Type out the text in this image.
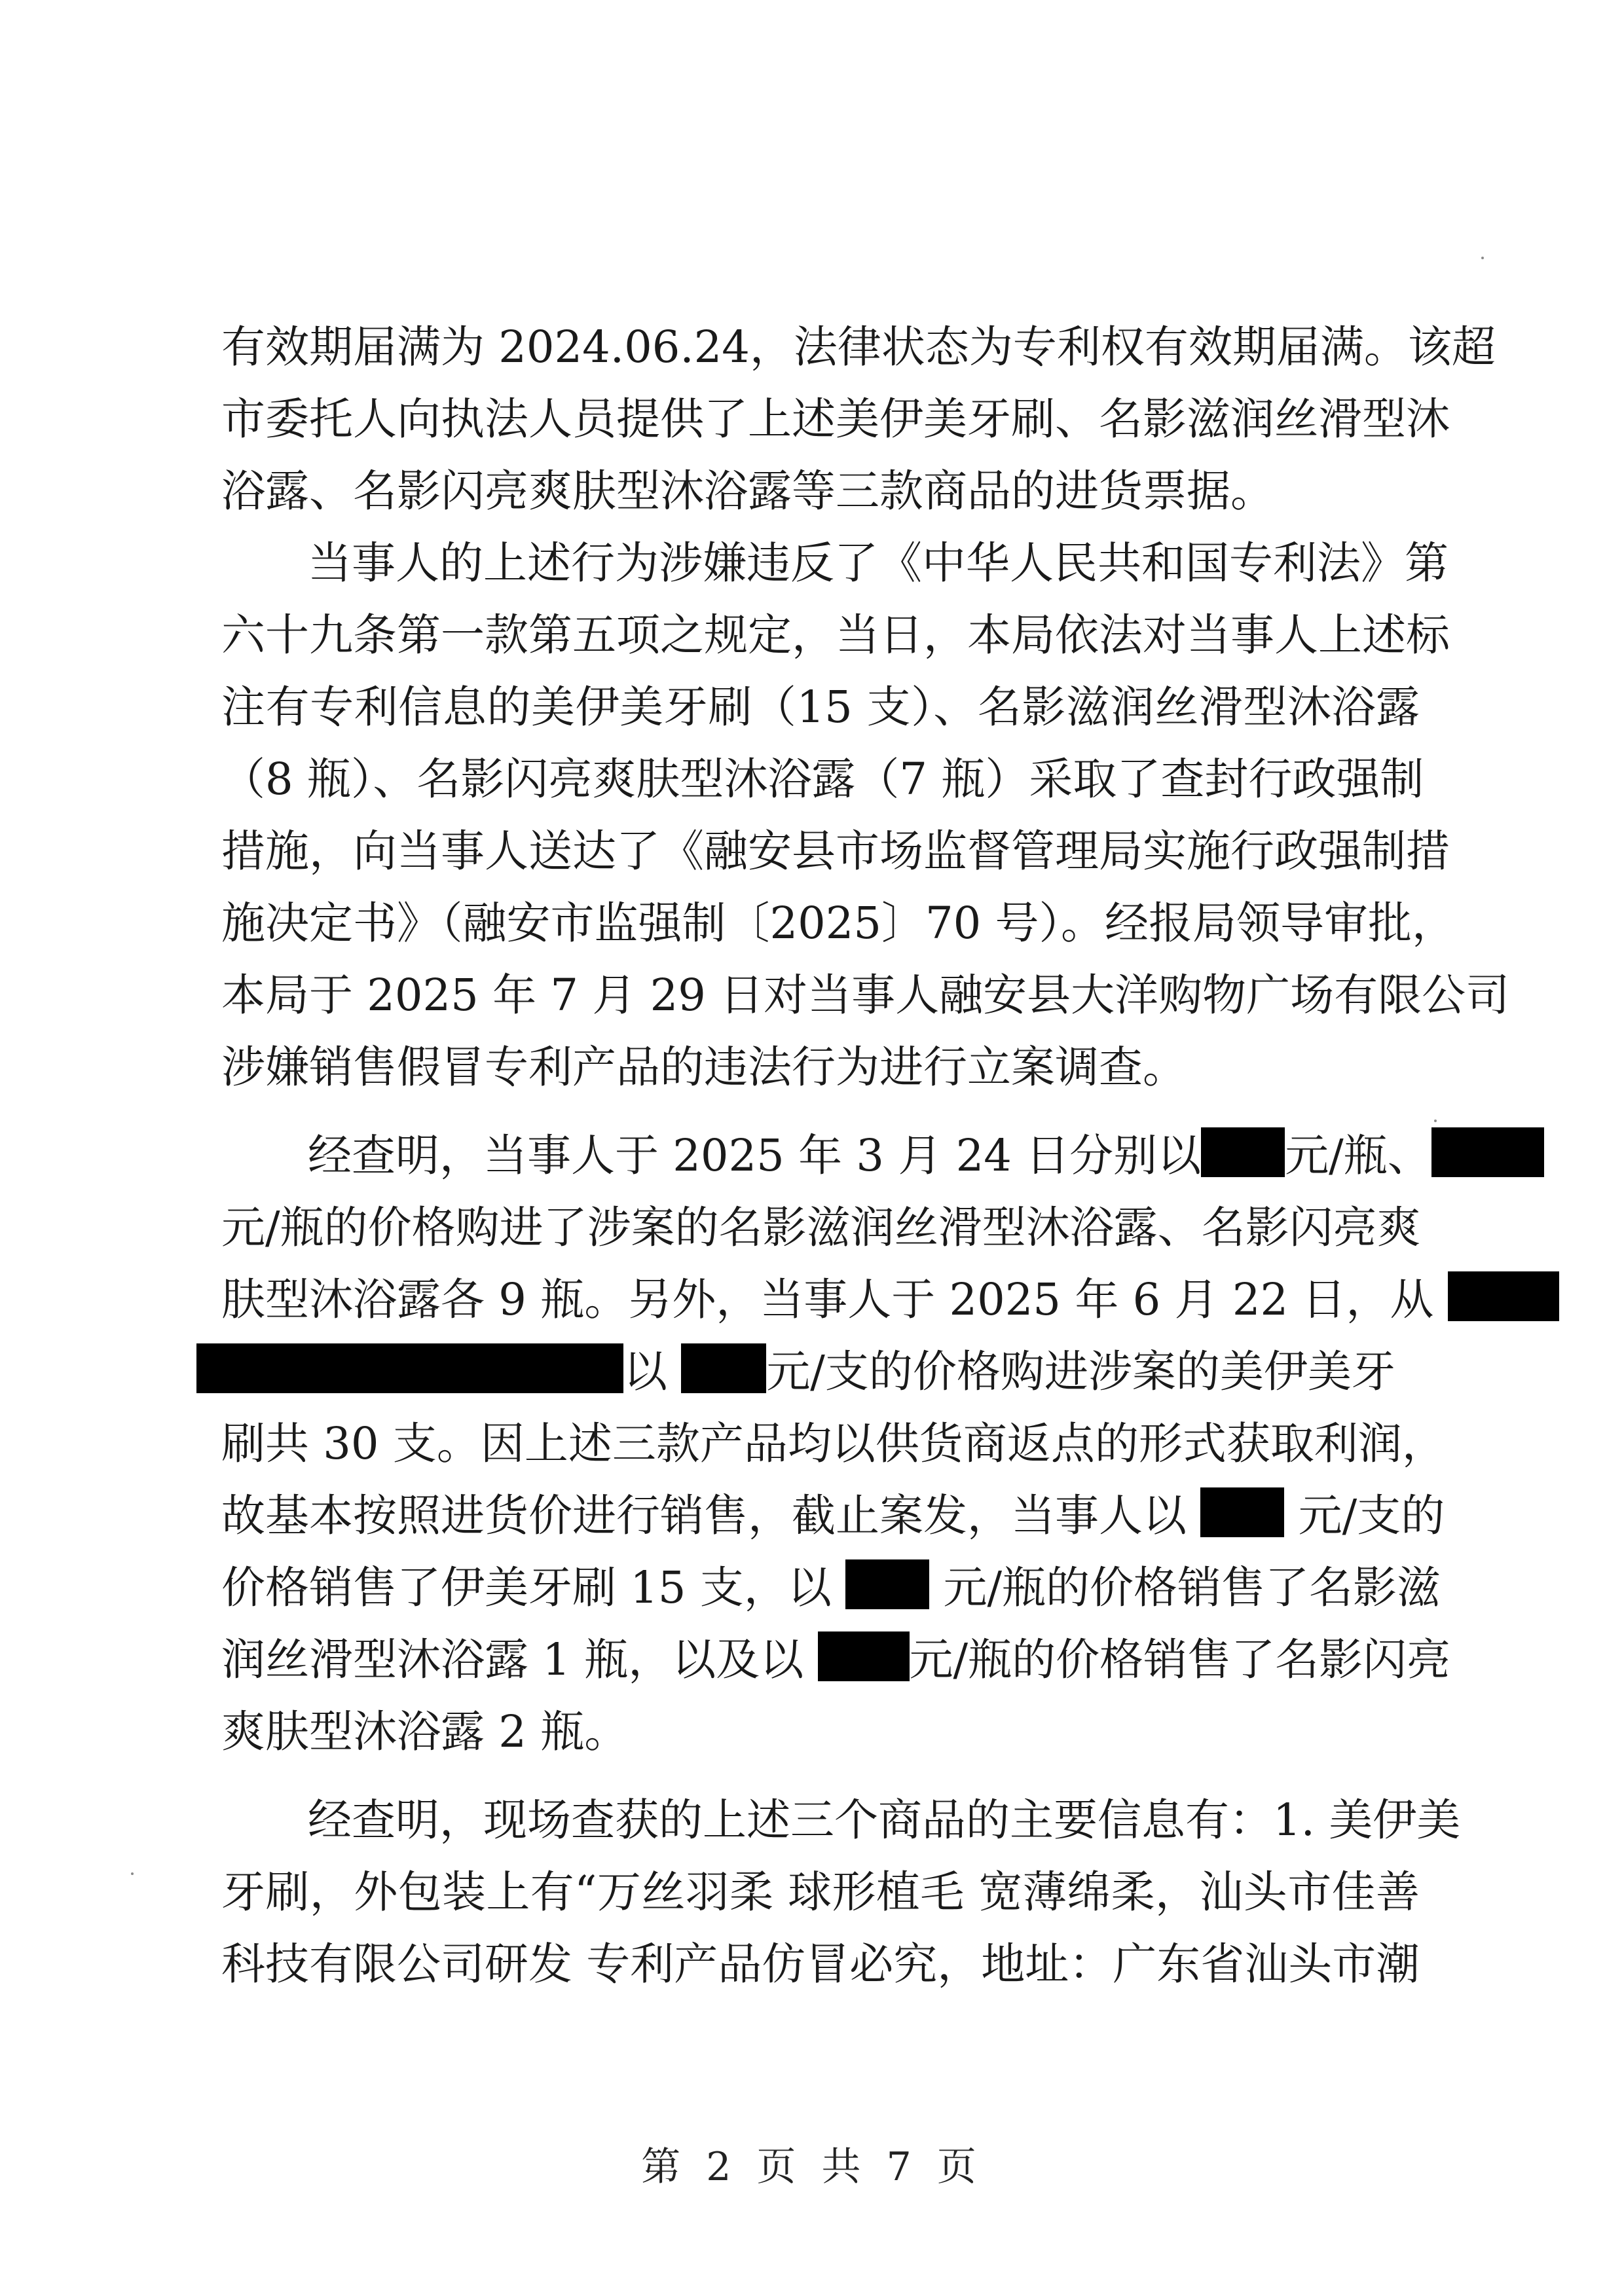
有效期届满为 2024.06.24，法律状态为专利权有效期届满。该超
市委托人向执法人员提供了上述美伊美牙刷、名影滋润丝滑型沐
浴露、名影闪亮爽肤型沐浴露等三款商品的进货票据。
当事人的上述行为涉嫌违反了《中华人民共和国专利法》第
六十九条第一款第五项之规定，当日，本局依法对当事人上述标
注有专利信息的美伊美牙刷（15 支）、名影滋润丝滑型沐浴露
（8 瓶）、名影闪亮爽肤型沐浴露（7 瓶）采取了查封行政强制
措施，向当事人送达了《融安县市场监督管理局实施行政强制措
施决定书》（融安市监强制〔2025〕70 号）。经报局领导审批，
本局于 2025 年 7 月 29 日对当事人融安县大洋购物广场有限公司
涉嫌销售假冒专利产品的违法行为进行立案调查。
经查明，当事人于 2025 年 3 月 24 日分别以 元/瓶、
元/瓶的价格购进了涉案的名影滋润丝滑型沐浴露、名影闪亮爽
肤型沐浴露各 9 瓶。另外，当事人于 2025 年 6 月 22 日，从
以 元/支的价格购进涉案的美伊美牙
刷共 30 支。因上述三款产品均以供货商返点的形式获取利润，
故基本按照进货价进行销售，截止案发，当事人以	元/支的
价格销售了伊美牙刷 15 支，以	元/瓶的价格销售了名影滋
润丝滑型沐浴露 1 瓶，以及以 元/瓶的价格销售了名影闪亮
爽肤型沐浴露 2 瓶。
经查明，现场查获的上述三个商品的主要信息有：1. 美伊美
牙刷，外包装上有“万丝羽柔 球形植毛 宽薄绵柔，汕头市佳善
科技有限公司研发 专利产品仿冒必究，地址：广东省汕头市潮
第 2 页 共 7 页
